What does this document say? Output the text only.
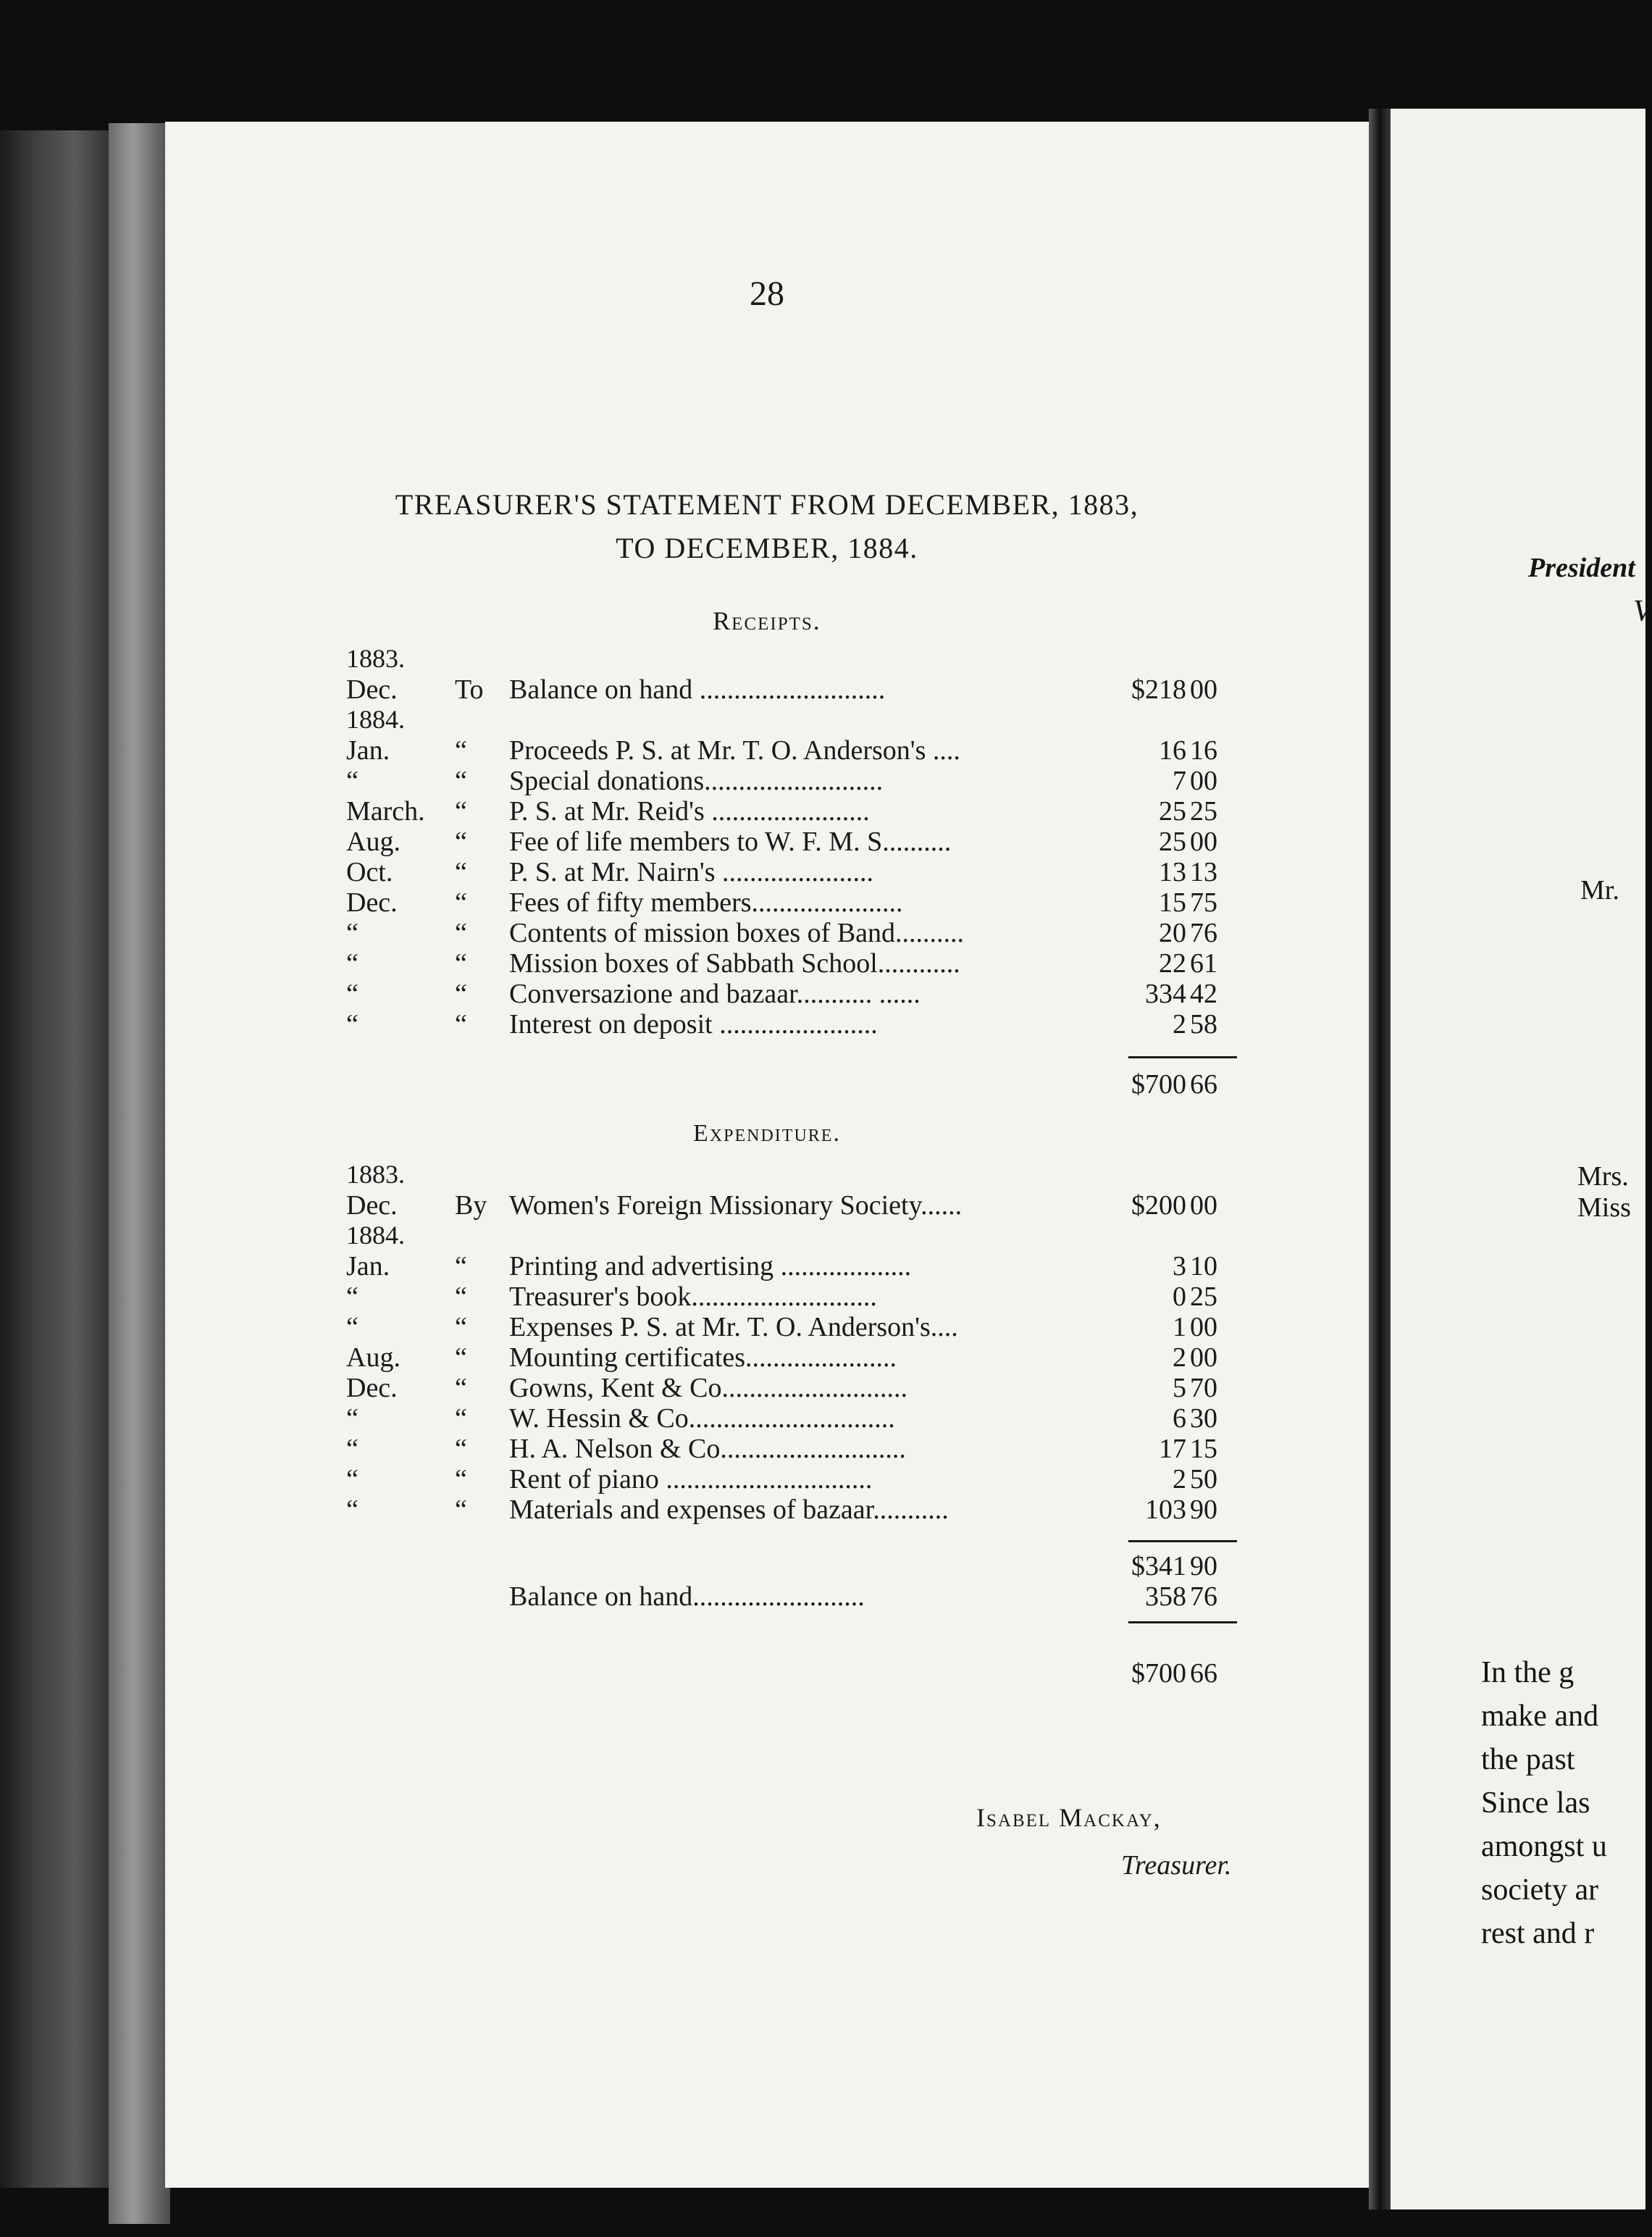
28
TREASURER'S STATEMENT FROM DECEMBER, 1883,
TO DECEMBER, 1884.
Receipts.
1883.
Dec.	To Balance on hand ...........................	$218 00
1884.
Jan.	“	Proceeds P. S. at Mr. T. O. Anderson's ....	16 16
“	“	Special donations..........................	7 00
March.	“	P. S. at Mr. Reid's .......................	25 25
Aug.	“	Fee of life members to W. F. M. S..........	25 00
Oct.	“	P. S. at Mr. Nairn's ......................	13 13
Dec.	“	Fees of fifty members......................	15 75
“	“	Contents of mission boxes of Band..........	20 76
“	“	Mission boxes of Sabbath School............	22 61
“	“	Conversazione and bazaar........... ......	334 42
“	“	Interest on deposit .......................	2 58
$700 66
Expenditure.
1883.
Dec.	By Women's Foreign Missionary Society......	$200 00
1884.
Jan.	“	Printing and advertising ...................	3 10
“	“	Treasurer's book...........................	0 25
“	“	Expenses P. S. at Mr. T. O. Anderson's....	1 00
Aug.	“	Mounting certificates......................	2 00
Dec.	“	Gowns, Kent & Co...........................	5 70
“	“	W. Hessin & Co..............................	6 30
“	“	H. A. Nelson & Co...........................	17 15
“	“	Rent of piano ..............................	2 50
“	“	Materials and expenses of bazaar...........	103 90
$341 90
Balance on hand.........................	358 76
$700 66
Isabel Mackay,
Treasurer.
President
V
Mr.
Mrs.
Miss
In the g
make and
the past
Since las
amongst u
society ar
rest and r
